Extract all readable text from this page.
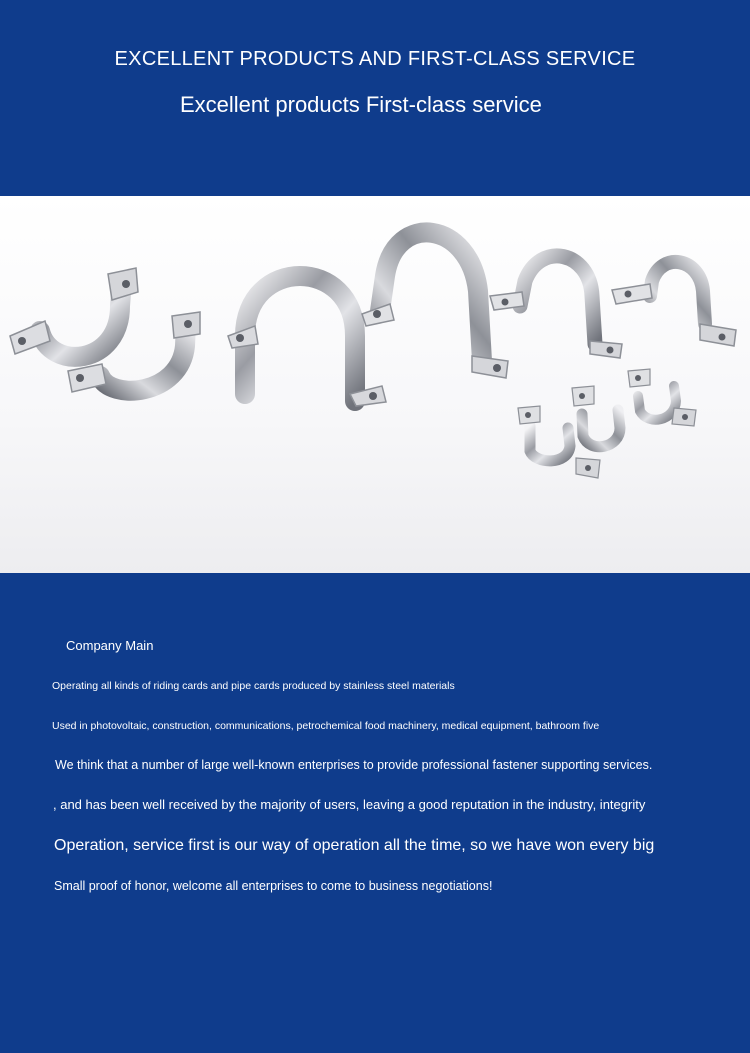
EXCELLENT PRODUCTS AND FIRST-CLASS SERVICE
Excellent products First-class service
Company Main
Operating all kinds of riding cards and pipe cards produced by stainless steel materials
Used in photovoltaic, construction, communications, petrochemical food machinery, medical equipment, bathroom five
We think that a number of large well-known enterprises to provide professional fastener supporting services.
, and has been well received by the majority of users, leaving a good reputation in the industry, integrity
Operation, service first is our way of operation all the time, so we have won every big
Small proof of honor, welcome all enterprises to come to business negotiations!
